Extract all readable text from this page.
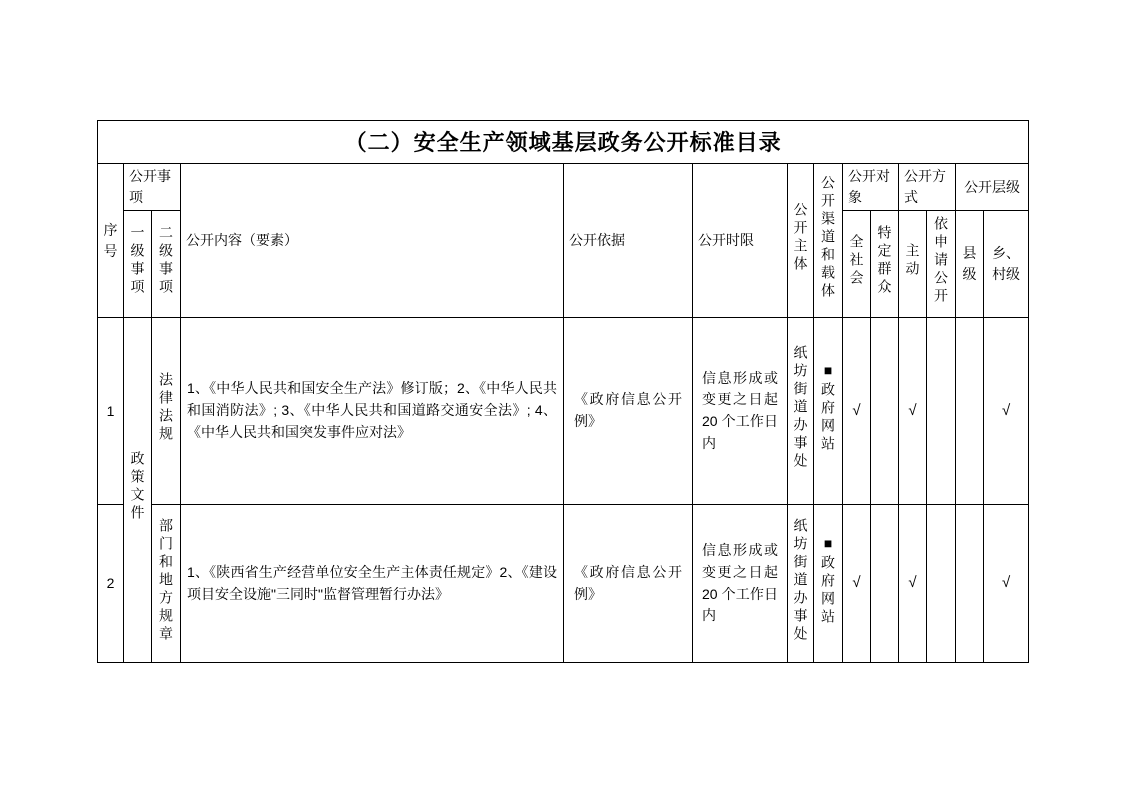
（二）安全生产领域基层政务公开标准目录													
序号	公开事项		公开内容（要素）	公开依据	公开时限	公开主体	公开渠道和载体	公开对象		公开方式		公开层级	
	一级事项	二级事项						全社会	特定群众	主动	依申请公开	县级	乡、村级
1	政策文件	法律法规	1、《中华人民共和国安全生产法》修订版；2、《中华人民共和国消防法》; 3、《中华人民共和国道路交通安全法》; 4、《中华人民共和国突发事件应对法》	《政府信息公开例》	信息形成或变更之日起20 个工作日内	纸坊街道办事处	■政府网站	√		√			√
2		部门和地方规章	1、《陕西省生产经营单位安全生产主体责任规定》2、《建设项目安全设施"三同时"监督管理暂行办法》	《政府信息公开例》	信息形成或变更之日起20 个工作日内	纸坊街道办事处	■政府网站	√		√			√
